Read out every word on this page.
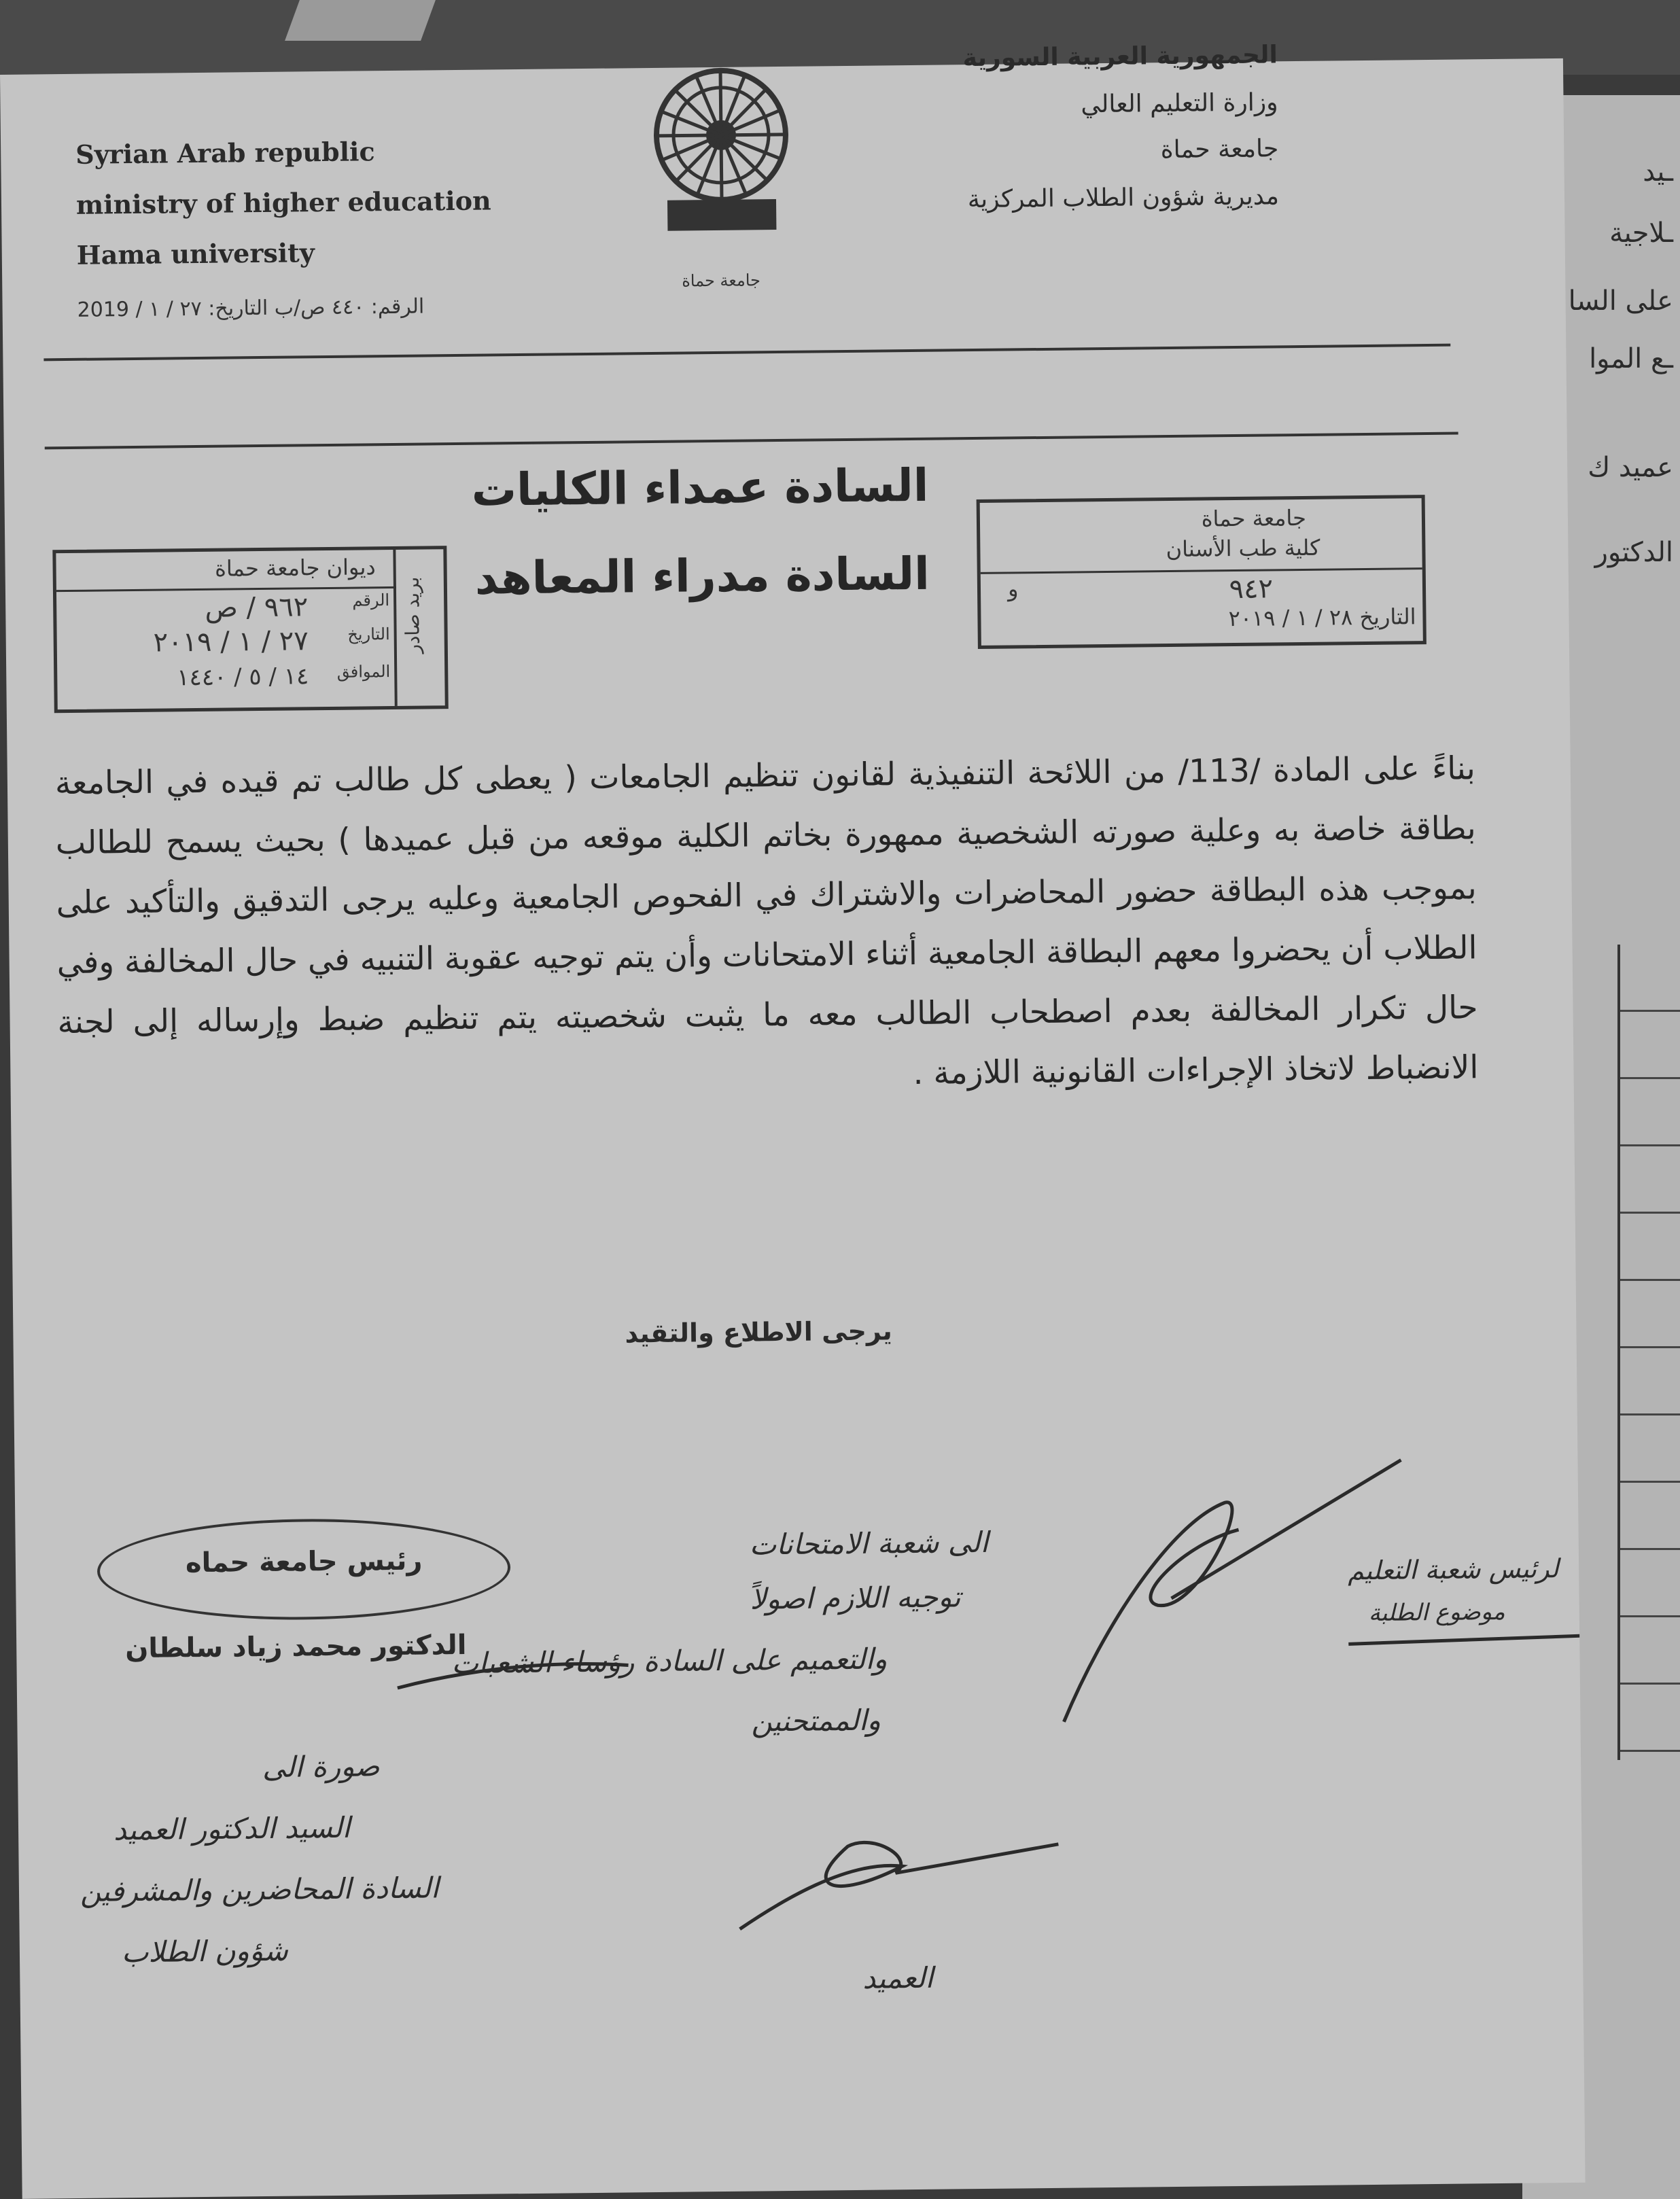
ـيد
ـلاجية
على السا
ـع الموا
عميد ك
الدكتور
Syrian Arab republic
ministry of higher education
Hama university
الرقم: ٤٤٠ ص/ب التاريخ: ٢٧ / ١ / 2019
الجمهورية العربية السورية
وزارة التعليم العالي
جامعة حماة
مديرية شؤون الطلاب المركزية
جامعة حماة
السادة عمداء الكليات
السادة مدراء المعاهد
جامعة حماة
كلية طب الأسنان
٩٤٢
و
التاريخ ٢٨ / ١ / ٢٠١٩
بريد صادر
ديوان جامعة حماة
الرقم
٩٦٢ / ص
التاريخ
٢٧ / ١ / ٢٠١٩
الموافق
١٤ / ٥ / ١٤٤٠

بناءً على المادة /113/ من اللائحة التنفيذية لقانون تنظيم الجامعات ( يعطى كل طالب تم قيده في الجامعة بطاقة خاصة به وعلية صورته الشخصية ممهورة بخاتم الكلية موقعه من قبل عميدها ) بحيث يسمح للطالب بموجب هذه البطاقة حضور المحاضرات والاشتراك في الفحوص الجامعية وعليه يرجى التدقيق والتأكيد على الطلاب أن يحضروا معهم البطاقة الجامعية أثناء الامتحانات وأن يتم توجيه عقوبة التنبيه في حال المخالفة وفي حال تكرار المخالفة بعدم اصطحاب الطالب معه ما يثبت شخصيته يتم تنظيم ضبط وإرساله إلى لجنة الانضباط لاتخاذ الإجراءات القانونية اللازمة .

يرجى الاطلاع والتقيد
رئيس جامعة حماه
الدكتور محمد زياد سلطان
الى شعبة الامتحانات
توجيه اللازم اصولاً
والتعميم على السادة رؤساء الشعبات
والممتحنين
العميد
لرئيس شعبة التعليم
موضوع الطلبة
صورة الى
السيد الدكتور العميد
السادة المحاضرين والمشرفين
شؤون الطلاب
